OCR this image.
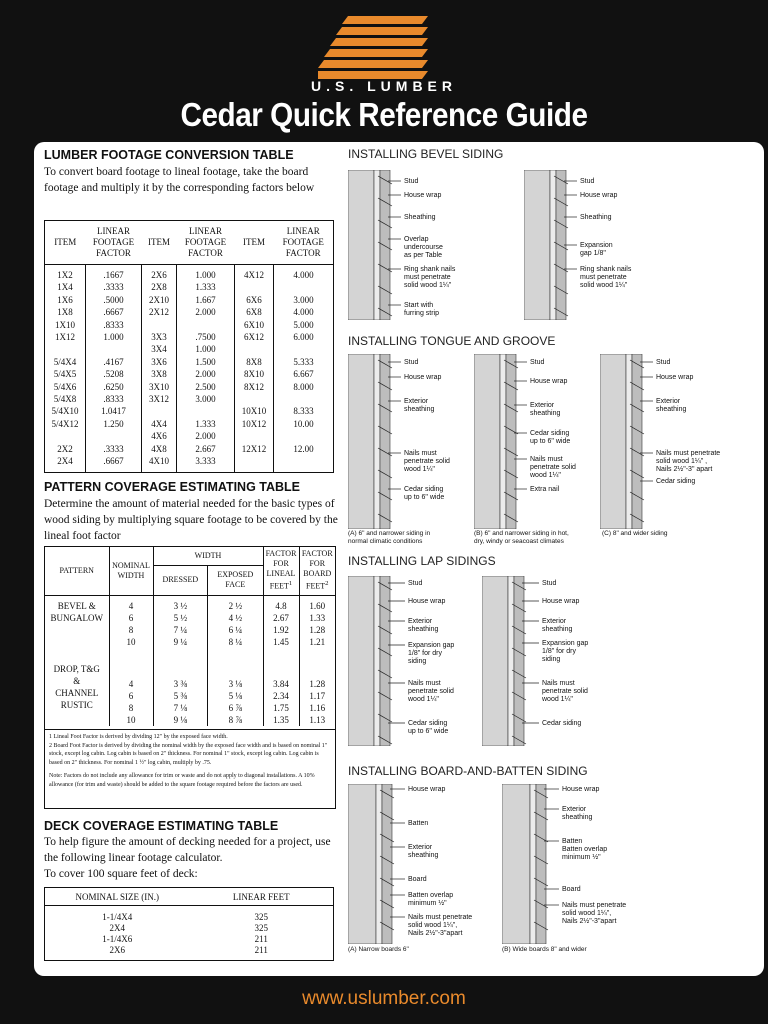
U.S. LUMBER
Cedar Quick Reference Guide
LUMBER FOOTAGE CONVERSION TABLE
To convert board footage to lineal footage, take the board footage and multiply it by the corresponding factors below
ITEM	LINEAR
FOOTAGE
FACTOR	ITEM	LINEAR
FOOTAGE
FACTOR	ITEM	LINEAR
FOOTAGE
FACTOR
1X2	.1667	2X6	1.000	4X12	4.000
1X4	.3333	2X8	1.333		
1X6	.5000	2X10	1.667	6X6	3.000
1X8	.6667	2X12	2.000	6X8	4.000
1X10	.8333			6X10	5.000
1X12	1.000	3X3	.7500	6X12	6.000
		3X4	1.000		
5/4X4	.4167	3X6	1.500	8X8	5.333
5/4X5	.5208	3X8	2.000	8X10	6.667
5/4X6	.6250	3X10	2.500	8X12	8.000
5/4X8	.8333	3X12	3.000		
5/4X10	1.0417			10X10	8.333
5/4X12	1.250	4X4	1.333	10X12	10.00
		4X6	2.000		
2X2	.3333	4X8	2.667	12X12	12.00
2X4	.6667	4X10	3.333		
PATTERN COVERAGE ESTIMATING TABLE
Determine the amount of material needed for the basic types of wood siding by multiplying square footage to be covered by the lineal foot factor
PATTERN	NOMINAL
WIDTH	WIDTH		FACTOR
FOR
LINEAL
FEET$^1$	FACTOR
FOR
BOARD
FEET$^2$
		DRESSED	EXPOSED
FACE		
BEVEL &
BUNGALOW	4	3 ½	2 ½	4.8	1.60
	6	5 ½	4 ½	2.67	1.33
	8	7 ¼	6 ¼	1.92	1.28
	10	9 ¼	8 ¼	1.45	1.21
DROP, T&G
&
CHANNEL
RUSTIC	4	3 ⅜	3 ⅛	3.84	1.28
	6	5 ⅜	5 ⅛	2.34	1.17
	8	7 ⅛	6 ⅞	1.75	1.16
	10	9 ⅛	8 ⅞	1.35	1.13
1 Lineal Foot Factor is derived by dividing 12" by the exposed face width.
2 Board Foot Factor is derived by dividing the nominal width by the exposed face width and is based on nominal 1" stock, except log cabin. Log cabin is based on 2" thickness. For nominal 1" stock, except log cabin. Log cabin is based on 2" thickness. For nominal 1 ½" log cabin, multiply by .75.
Note: Factors do not include any allowance for trim or waste and do not apply to diagonal installations. A 10% allowance (for trim and waste) should be added to the square footage required before the factors are used.
DECK COVERAGE ESTIMATING TABLE
To help figure the amount of decking needed for a project, use the following linear footage calculator.
To cover 100 square feet of deck:
NOMINAL SIZE (IN.)	LINEAR FEET
1-1/4X4	325
2X4	325
1-1/4X6	211
2X6	211
INSTALLING BEVEL SIDING
INSTALLING TONGUE AND GROOVE
INSTALLING LAP SIDINGS
INSTALLING BOARD-AND-BATTEN SIDING
Stud
House wrap
Sheathing
Overlap
undercourse
as per Table
Ring shank nails
must penetrate
solid wood 1¼"
Start with
furring strip
Stud
House wrap
Sheathing
Expansion
gap 1/8"
Ring shank nails
must penetrate
solid wood 1¼"
Stud
House wrap
Exterior
sheathing
Nails must
penetrate solid
wood 1¼"
Cedar siding
up to 6" wide
Stud
House wrap
Exterior
sheathing
Cedar siding
up to 6" wide
Nails must
penetrate solid
wood 1¼"
Extra nail
Stud
House wrap
Exterior
sheathing
Nails must penetrate
solid wood 1¼" ,
Nails 2½"-3" apart
Cedar siding
Stud
House wrap
Exterior
sheathing
Expansion gap
1/8" for dry
siding
Nails must
penetrate solid
wood 1¼"
Cedar siding
up to 6" wide
Stud
House wrap
Exterior
sheathing
Expansion gap
1/8" for dry
siding
Nails must
penetrate solid
wood 1¼"
Cedar siding
House wrap
Batten
Exterior
sheathing
Board
Batten overlap
minimum ½"
Nails must penetrate
solid wood 1¼",
Nails 2½"-3"apart
House wrap
Exterior
sheathing
Batten
Batten overlap
minimum ½"
Board
Nails must penetrate
solid wood 1¼",
Nails 2½"-3"apart
(A) 6" and narrower siding in
normal climatic conditions
(B) 6" and narrower siding in hot,
dry, windy or seacoast climates
(C) 8" and wider siding
(A) Narrow boards 6"	(B) Wide boards 8" and wider
www.uslumber.com
